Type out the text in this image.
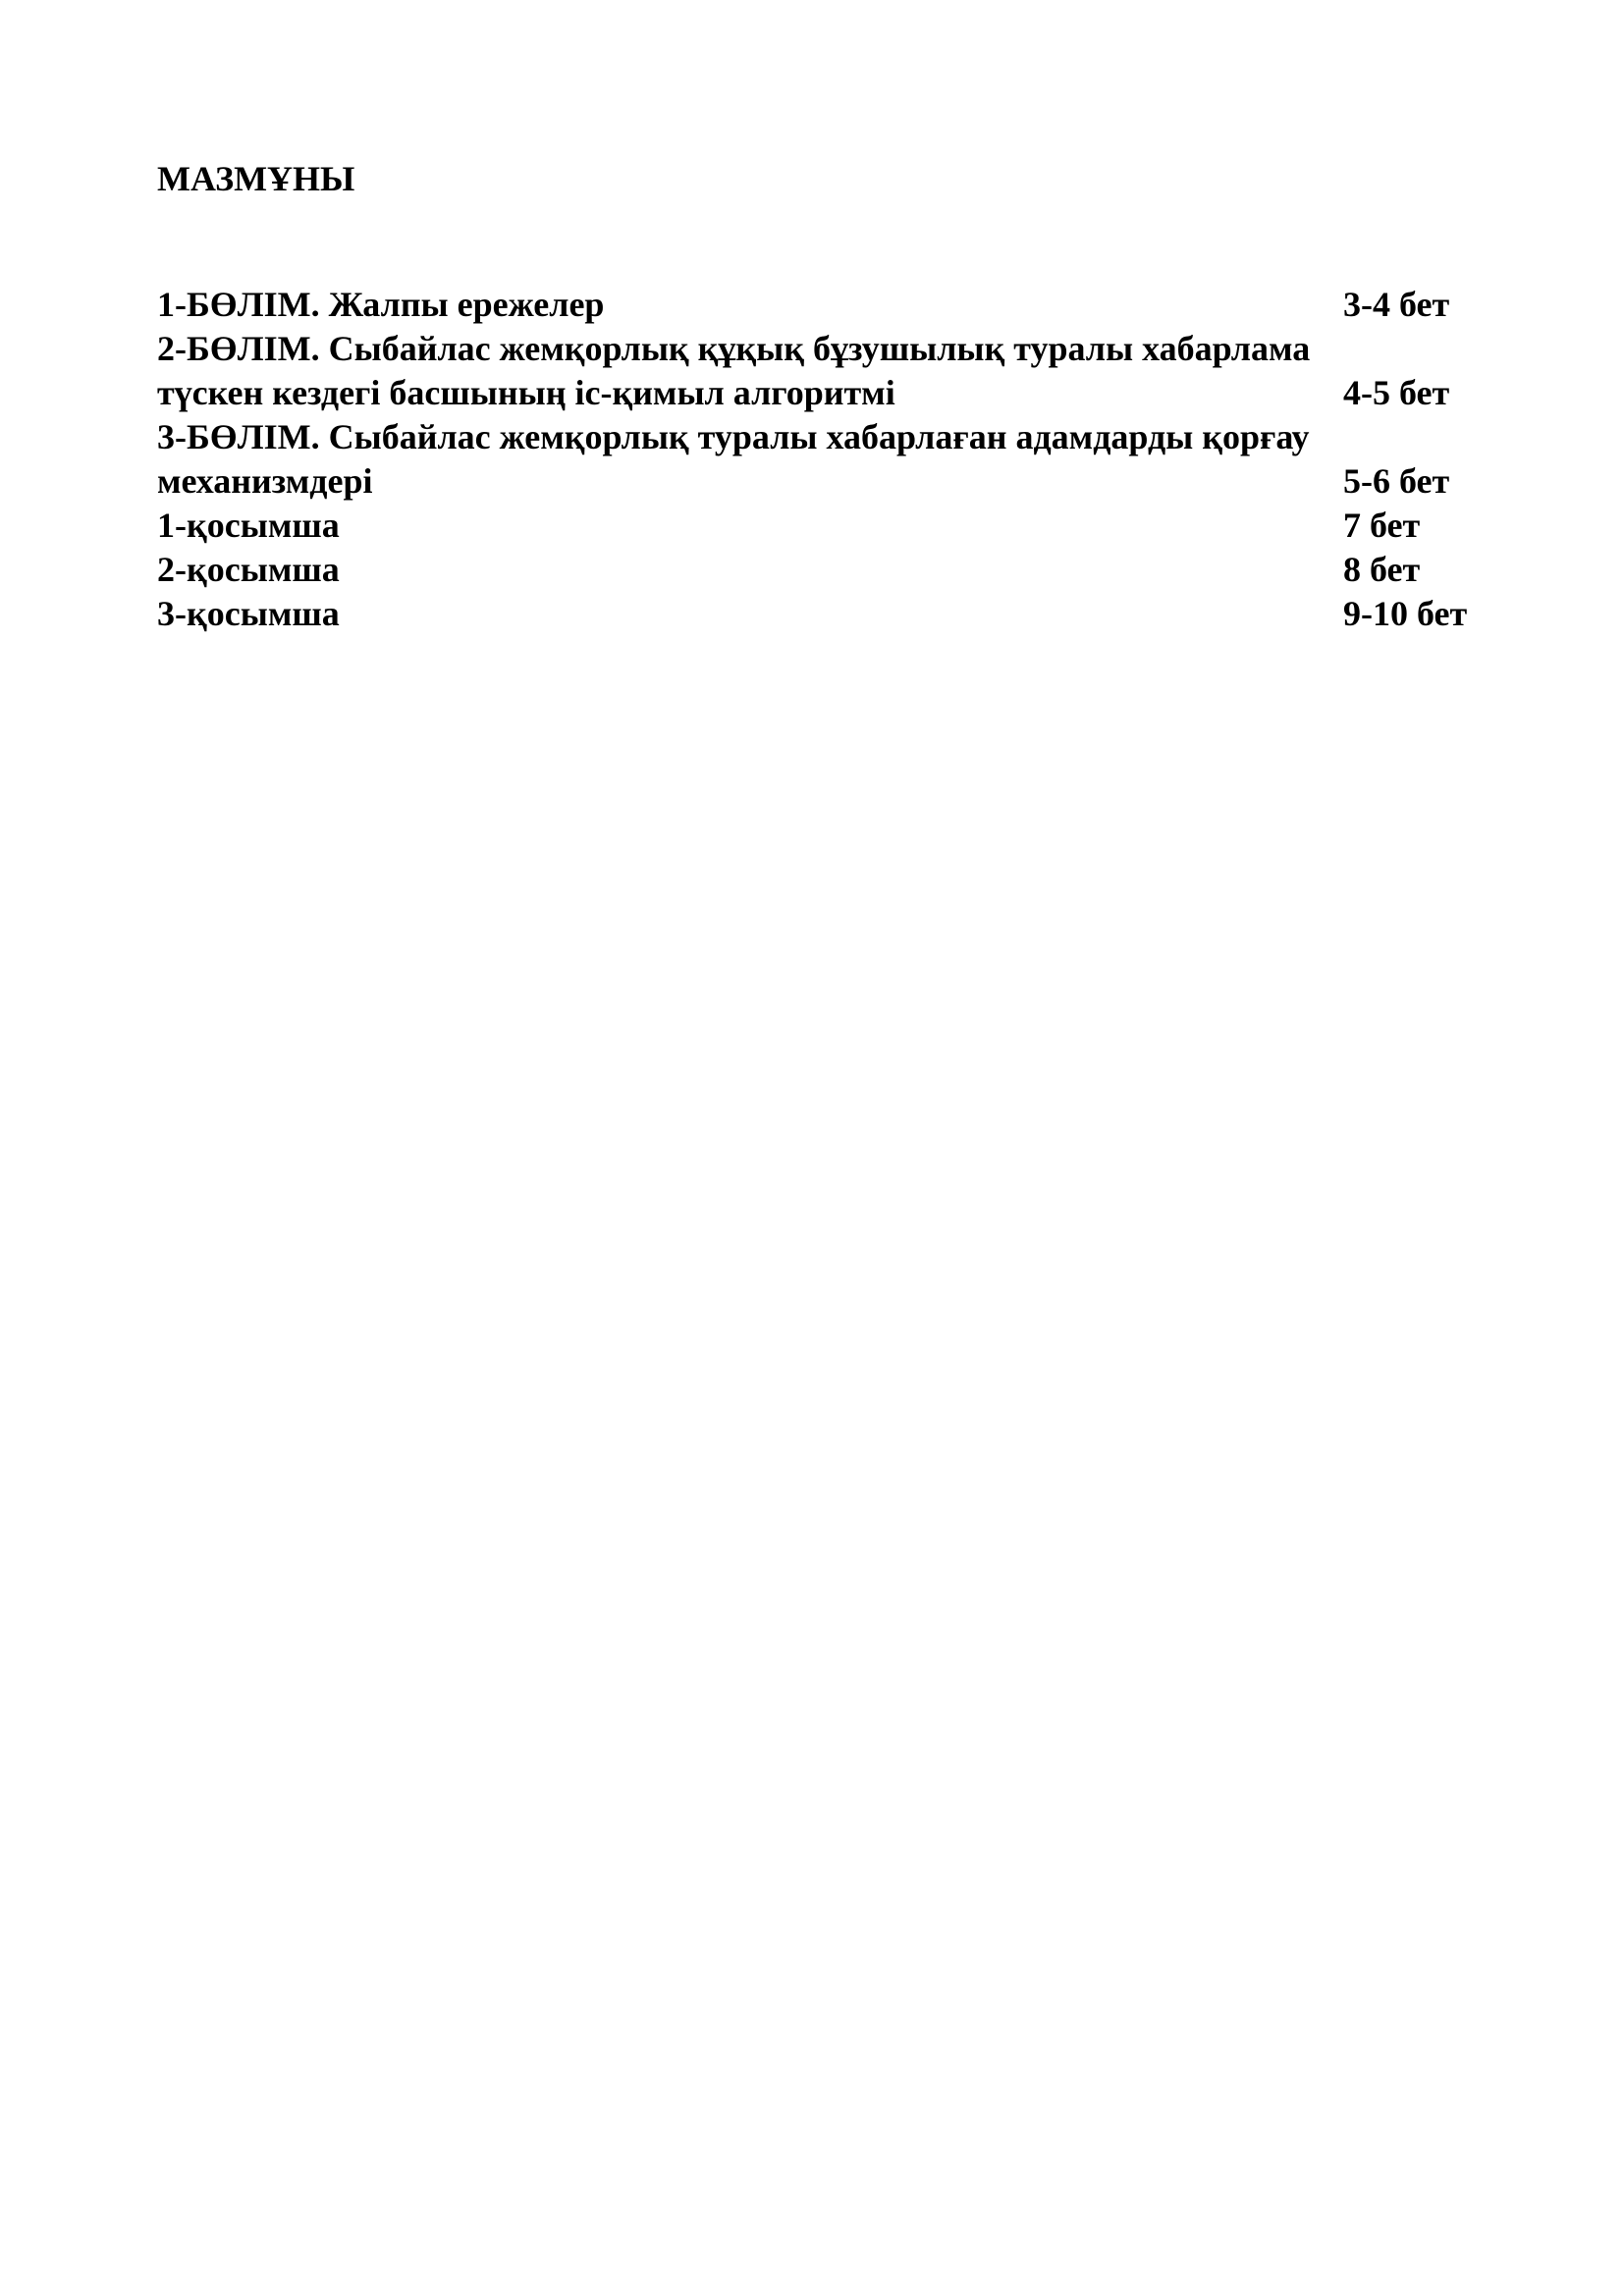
МАЗМҰНЫ
1-БӨЛІМ. Жалпы ережелер	3-4 бет
2-БӨЛІМ. Сыбайлас жемқорлық құқық бұзушылық туралы хабарлама
түскен кездегі басшының іс-қимыл алгоритмі	4-5 бет
3-БӨЛІМ. Сыбайлас жемқорлық туралы хабарлаған адамдарды қорғау
механизмдері	5-6 бет
1-қосымша	7 бет
2-қосымша	8 бет
3-қосымша	9-10 бет
